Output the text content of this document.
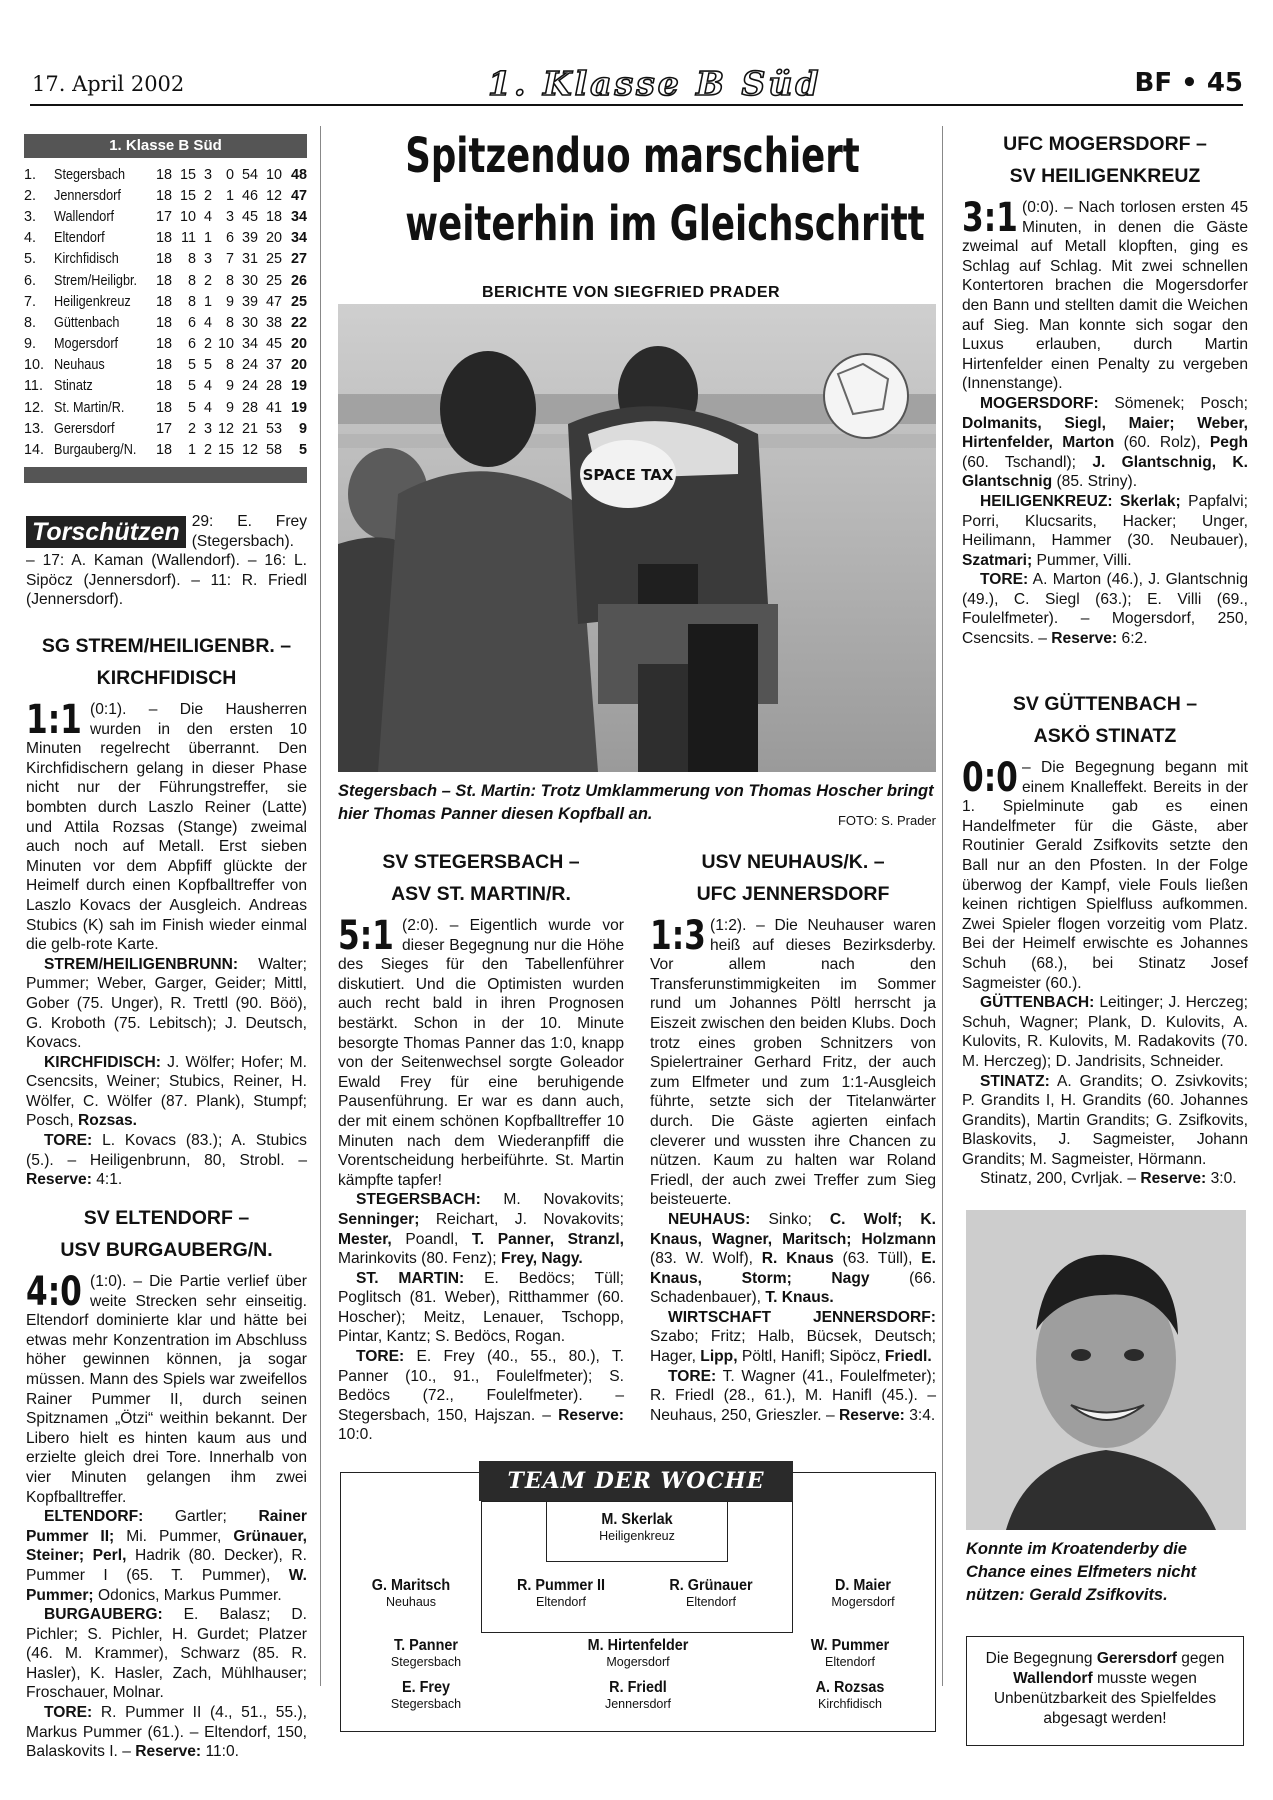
17. April 2002	1. Klasse B Süd	BF • 45
1. Klasse B Süd
1.	Stegersbach	18	15	3	0	54	10	48
2.	Jennersdorf	18	15	2	1	46	12	47
3.	Wallendorf	17	10	4	3	45	18	34
4.	Eltendorf	18	11	1	6	39	20	34
5.	Kirchfidisch	18	8	3	7	31	25	27
6.	Strem/Heiligbr.	18	8	2	8	30	25	26
7.	Heiligenkreuz	18	8	1	9	39	47	25
8.	Güttenbach	18	6	4	8	30	38	22
9.	Mogersdorf	18	6	2	10	34	45	20
10.	Neuhaus	18	5	5	8	24	37	20
11.	Stinatz	18	5	4	9	24	28	19
12.	St. Martin/R.	18	5	4	9	28	41	19
13.	Gerersdorf	17	2	3	12	21	53	9
14.	Burgauberg/N.	18	1	2	15	12	58	5
Torschützen 29: E. Frey (Stegersbach).
– 17: A. Kaman (Wallendorf). – 16: L. Sipöcz (Jennersdorf). – 11: R. Friedl (Jennersdorf).
SG STREM/HEILIGENBR. –
KIRCHFIDISCH

1:1 (0:1). – Die Hausherren wurden in den ersten 10 Minuten regelrecht überrannt. Den Kirchfidischern gelang in dieser Phase nicht nur der Führungstreffer, sie bombten durch Laszlo Reiner (Latte) und Attila Rozsas (Stange) zweimal auch noch auf Metall. Erst sieben Minuten vor dem Abpfiff glückte der Heimelf durch einen Kopfballtreffer von Laszlo Kovacs der Ausgleich. Andreas Stubics (K) sah im Finish wieder einmal die gelb-rote Karte.

STREM/HEILIGENBRUNN: Walter; Pummer; Weber, Garger, Geider; Mittl, Gober (75. Unger), R. Trettl (90. Böö), G. Kroboth (75. Lebitsch); J. Deutsch, Kovacs.

KIRCHFIDISCH: J. Wölfer; Hofer; M. Csencsits, Weiner; Stubics, Reiner, H. Wölfer, C. Wölfer (87. Plank), Stumpf; Posch, Rozsas.

TORE: L. Kovacs (83.); A. Stubics (5.). – Heiligenbrunn, 80, Strobl. – Reserve: 4:1.

SV ELTENDORF –
USV BURGAUBERG/N.

4:0 (1:0). – Die Partie verlief über weite Strecken sehr einseitig. Eltendorf dominierte klar und hätte bei etwas mehr Konzentration im Abschluss höher gewinnen können, ja sogar müssen. Mann des Spiels war zweifellos Rainer Pummer II, durch seinen Spitznamen „Ötzi“ weithin bekannt. Der Libero hielt es hinten kaum aus und erzielte gleich drei Tore. Innerhalb von vier Minuten gelangen ihm zwei Kopfballtreffer.

ELTENDORF: Gartler; Rainer Pummer II; Mi. Pummer, Grünauer, Steiner; Perl, Hadrik (80. Decker), R. Pummer I (65. T. Pummer), W. Pummer; Odonics, Markus Pummer.

BURGAUBERG: E. Balasz; D. Pichler; S. Pichler, H. Gurdet; Platzer (46. M. Krammer), Schwarz (85. R. Hasler), K. Hasler, Zach, Mühlhauser; Froschauer, Molnar.

TORE: R. Pummer II (4., 51., 55.), Markus Pummer (61.). – Eltendorf, 150, Balaskovits I. – Reserve: 11:0.

Spitzenduo marschiert
weiterhin im Gleichschritt
BERICHTE VON SIEGFRIED PRADER
SPACE TAX
Stegersbach – St. Martin: Trotz Umklammerung von Thomas Hoscher bringt hier Thomas Panner diesen Kopfball an.	FOTO: S. Prader
SV STEGERSBACH –
ASV ST. MARTIN/R.

5:1 (2:0). – Eigentlich wurde vor dieser Begegnung nur die Höhe des Sieges für den Tabellenführer diskutiert. Und die Optimisten wurden auch recht bald in ihren Prognosen bestärkt. Schon in der 10. Minute besorgte Thomas Panner das 1:0, knapp von der Seitenwechsel sorgte Goleador Ewald Frey für eine beruhigende Pausenführung. Er war es dann auch, der mit einem schönen Kopfballtreffer 10 Minuten nach dem Wiederanpfiff die Vorentscheidung herbeiführte. St. Martin kämpfte tapfer!

STEGERSBACH: M. Novakovits; Senninger; Reichart, J. Novakovits; Mester, Poandl, T. Panner, Stranzl, Marinkovits (80. Fenz); Frey, Nagy.

ST. MARTIN: E. Bedöcs; Tüll; Poglitsch (81. Weber), Ritthammer (60. Hoscher); Meitz, Lenauer, Tschopp, Pintar, Kantz; S. Bedöcs, Rogan.

TORE: E. Frey (40., 55., 80.), T. Panner (10., 91., Foulelfmeter); S. Bedöcs (72., Foulelfmeter). – Stegersbach, 150, Hajszan. – Reserve: 10:0.

USV NEUHAUS/K. –
UFC JENNERSDORF

1:3 (1:2). – Die Neuhauser waren heiß auf dieses Bezirksderby. Vor allem nach den Transferunstimmigkeiten im Sommer rund um Johannes Pöltl herrscht ja Eiszeit zwischen den beiden Klubs. Doch trotz eines groben Schnitzers von Spielertrainer Gerhard Fritz, der auch zum Elfmeter und zum 1:1-Ausgleich führte, setzte sich der Titelanwärter durch. Die Gäste agierten einfach cleverer und wussten ihre Chancen zu nützen. Kaum zu halten war Roland Friedl, der auch zwei Treffer zum Sieg beisteuerte.

NEUHAUS: Sinko; C. Wolf; K. Knaus, Wagner, Maritsch; Holzmann (83. W. Wolf), R. Knaus (63. Tüll), E. Knaus, Storm; Nagy	(66. Schadenbauer), T. Knaus.

WIRTSCHAFT JENNERSDORF: Szabo; Fritz; Halb, Bücsek, Deutsch; Hager, Lipp, Pöltl, Hanifl; Sipöcz, Friedl.

TORE: T. Wagner (41., Foulelfmeter); R. Friedl (28., 61.), M. Hanifl (45.). – Neuhaus, 250, Grieszler. – Reserve: 3:4.

TEAM DER WOCHE
M. Skerlak
Heiligenkreuz
G. Maritsch
Neuhaus
R. Pummer II
Eltendorf
R. Grünauer
Eltendorf
D. Maier
Mogersdorf
T. Panner
Stegersbach
M. Hirtenfelder
Mogersdorf
W. Pummer
Eltendorf
E. Frey
Stegersbach
R. Friedl
Jennersdorf
A. Rozsas
Kirchfidisch
UFC MOGERSDORF –
SV HEILIGENKREUZ

3:1 (0:0). – Nach torlosen ersten 45 Minuten, in denen die Gäste zweimal auf Metall klopften, ging es Schlag auf Schlag. Mit zwei schnellen Kontertoren brachen die Mogersdorfer den Bann und stellten damit die Weichen auf Sieg. Man konnte sich sogar den Luxus erlauben, durch Martin Hirtenfelder einen Penalty zu vergeben (Innenstange).

MOGERSDORF: Sömenek; Posch; Dolmanits, Siegl, Maier; Weber, Hirtenfelder, Marton (60. Rolz), Pegh (60. Tschandl); J. Glantschnig, K. Glantschnig (85. Striny).

HEILIGENKREUZ: Skerlak; Papfalvi; Porri, Klucsarits, Hacker; Unger, Heilimann, Hammer (30. Neubauer), Szatmari; Pummer, Villi.

TORE: A. Marton (46.), J. Glantschnig (49.), C. Siegl (63.); E. Villi (69., Foulelfmeter). – Mogersdorf, 250, Csencsits. – Reserve: 6:2.

SV GÜTTENBACH –
ASKÖ STINATZ

0:0 – Die Begegnung begann mit einem Knalleffekt. Bereits in der 1. Spielminute gab es einen Handelfmeter für die Gäste, aber Routinier Gerald Zsifkovits setzte den Ball nur an den Pfosten. In der Folge überwog der Kampf, viele Fouls ließen keinen richtigen Spielfluss aufkommen. Zwei Spieler flogen vorzeitig vom Platz. Bei der Heimelf erwischte es Johannes Schuh (68.), bei Stinatz Josef Sagmeister (60.).

GÜTTENBACH: Leitinger; J. Herczeg; Schuh, Wagner; Plank, D. Kulovits, A. Kulovits, R. Kulovits, M. Radakovits (70. M. Herczeg); D. Jandrisits, Schneider.

STINATZ: A. Grandits; O. Zsivkovits; P. Grandits I, H. Grandits (60. Johannes Grandits), Martin Grandits; G. Zsifkovits, Blaskovits, J. Sagmeister, Johann Grandits; M. Sagmeister, Hörmann.

Stinatz, 200, Cvrljak. – Reserve: 3:0.

Konnte im Kroatenderby die Chance eines Elfmeters nicht nützen: Gerald Zsifkovits.
Die Begegnung Gerersdorf gegen Wallendorf musste wegen Unbenützbarkeit des Spielfeldes abgesagt werden!
